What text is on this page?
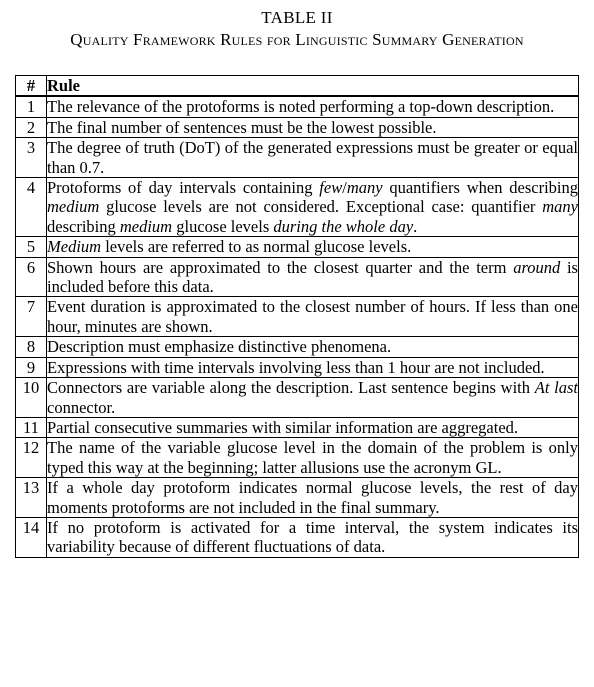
TABLE II
Quality Framework Rules for Linguistic Summary Generation
#	Rule
1	The relevance of the protoforms is noted performing a top-down description.
2	The final number of sentences must be the lowest possible.
3	The degree of truth (DoT) of the generated expressions must be greater or equal than 0.7.
4	Protoforms of day intervals containing few/many quantifiers when describing medium glucose levels are not considered. Exceptional case: quantifier many describing medium glucose levels during the whole day.
5	Medium levels are referred to as normal glucose levels.
6	Shown hours are approximated to the closest quarter and the term around is included before this data.
7	Event duration is approximated to the closest number of hours. If less than one hour, minutes are shown.
8	Description must emphasize distinctive phenomena.
9	Expressions with time intervals involving less than 1 hour are not included.
10	Connectors are variable along the description. Last sentence begins with At last connector.
11	Partial consecutive summaries with similar information are aggregated.
12	The name of the variable glucose level in the domain of the problem is only typed this way at the beginning; latter allusions use the acronym GL.
13	If a whole day protoform indicates normal glucose levels, the rest of day moments protoforms are not included in the final summary.
14	If no protoform is activated for a time interval, the system indicates its variability because of different fluctuations of data.
